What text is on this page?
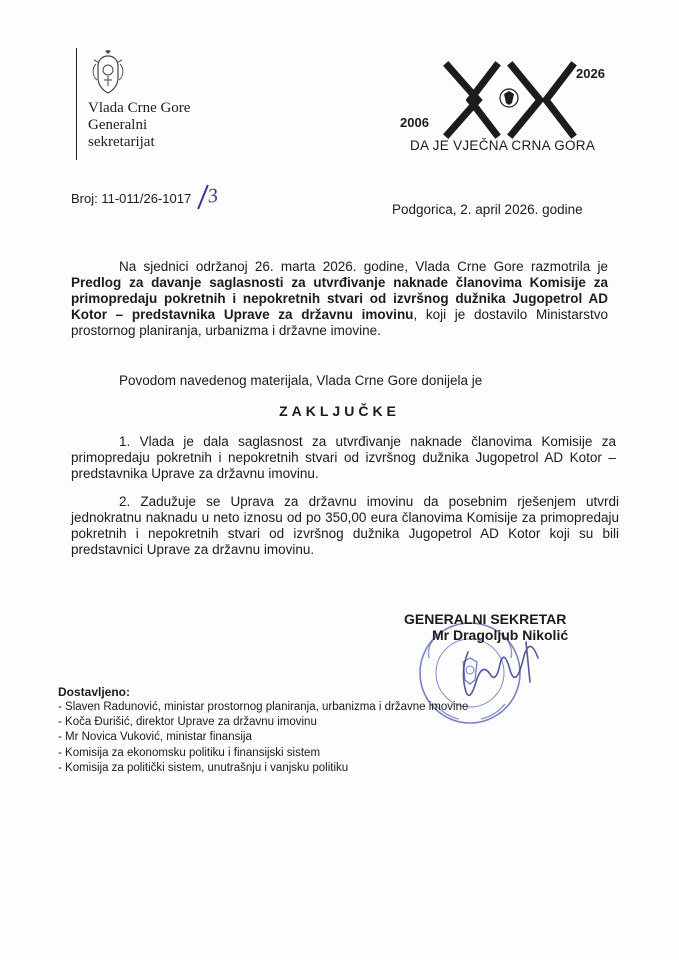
Vlada Crne Gore
Generalni
sekretarijat
2026
2006
DA JE VJEČNA CRNA GORA
Broj: 11-011/26-1017 3
Podgorica, 2. april 2026. godine
Na sjednici održanoj 26. marta 2026. godine, Vlada Crne Gore razmotrila je Predlog za davanje saglasnosti za utvrđivanje naknade članovima Komisije za primopredaju pokretnih i nepokretnih stvari od izvršnog dužnika Jugopetrol AD Kotor – predstavnika Uprave za državnu imovinu, koji je dostavilo Ministarstvo prostornog planiranja, urbanizma i državne imovine.
Povodom navedenog materijala, Vlada Crne Gore donijela je
ZAKLJUČKE
1. Vlada je dala saglasnost za utvrđivanje naknade članovima Komisije za primopredaju pokretnih i nepokretnih stvari od izvršnog dužnika Jugopetrol AD Kotor – predstavnika Uprave za državnu imovinu.
2. Zadužuje se Uprava za državnu imovinu da posebnim rješenjem utvrdi jednokratnu naknadu u neto iznosu od po 350,00 eura članovima Komisije za primopredaju pokretnih i nepokretnih stvari od izvršnog dužnika Jugopetrol AD Kotor koji su bili predstavnici Uprave za državnu imovinu.
GENERALNI SEKRETAR
Mr Dragoljub Nikolić
Dostavljeno:
- Slaven Radunović, ministar prostornog planiranja, urbanizma i državne imovine
- Koča Đurišić, direktor Uprave za državnu imovinu
- Mr Novica Vuković, ministar finansija
- Komisija za ekonomsku politiku i finansijski sistem
- Komisija za politički sistem, unutrašnju i vanjsku politiku
